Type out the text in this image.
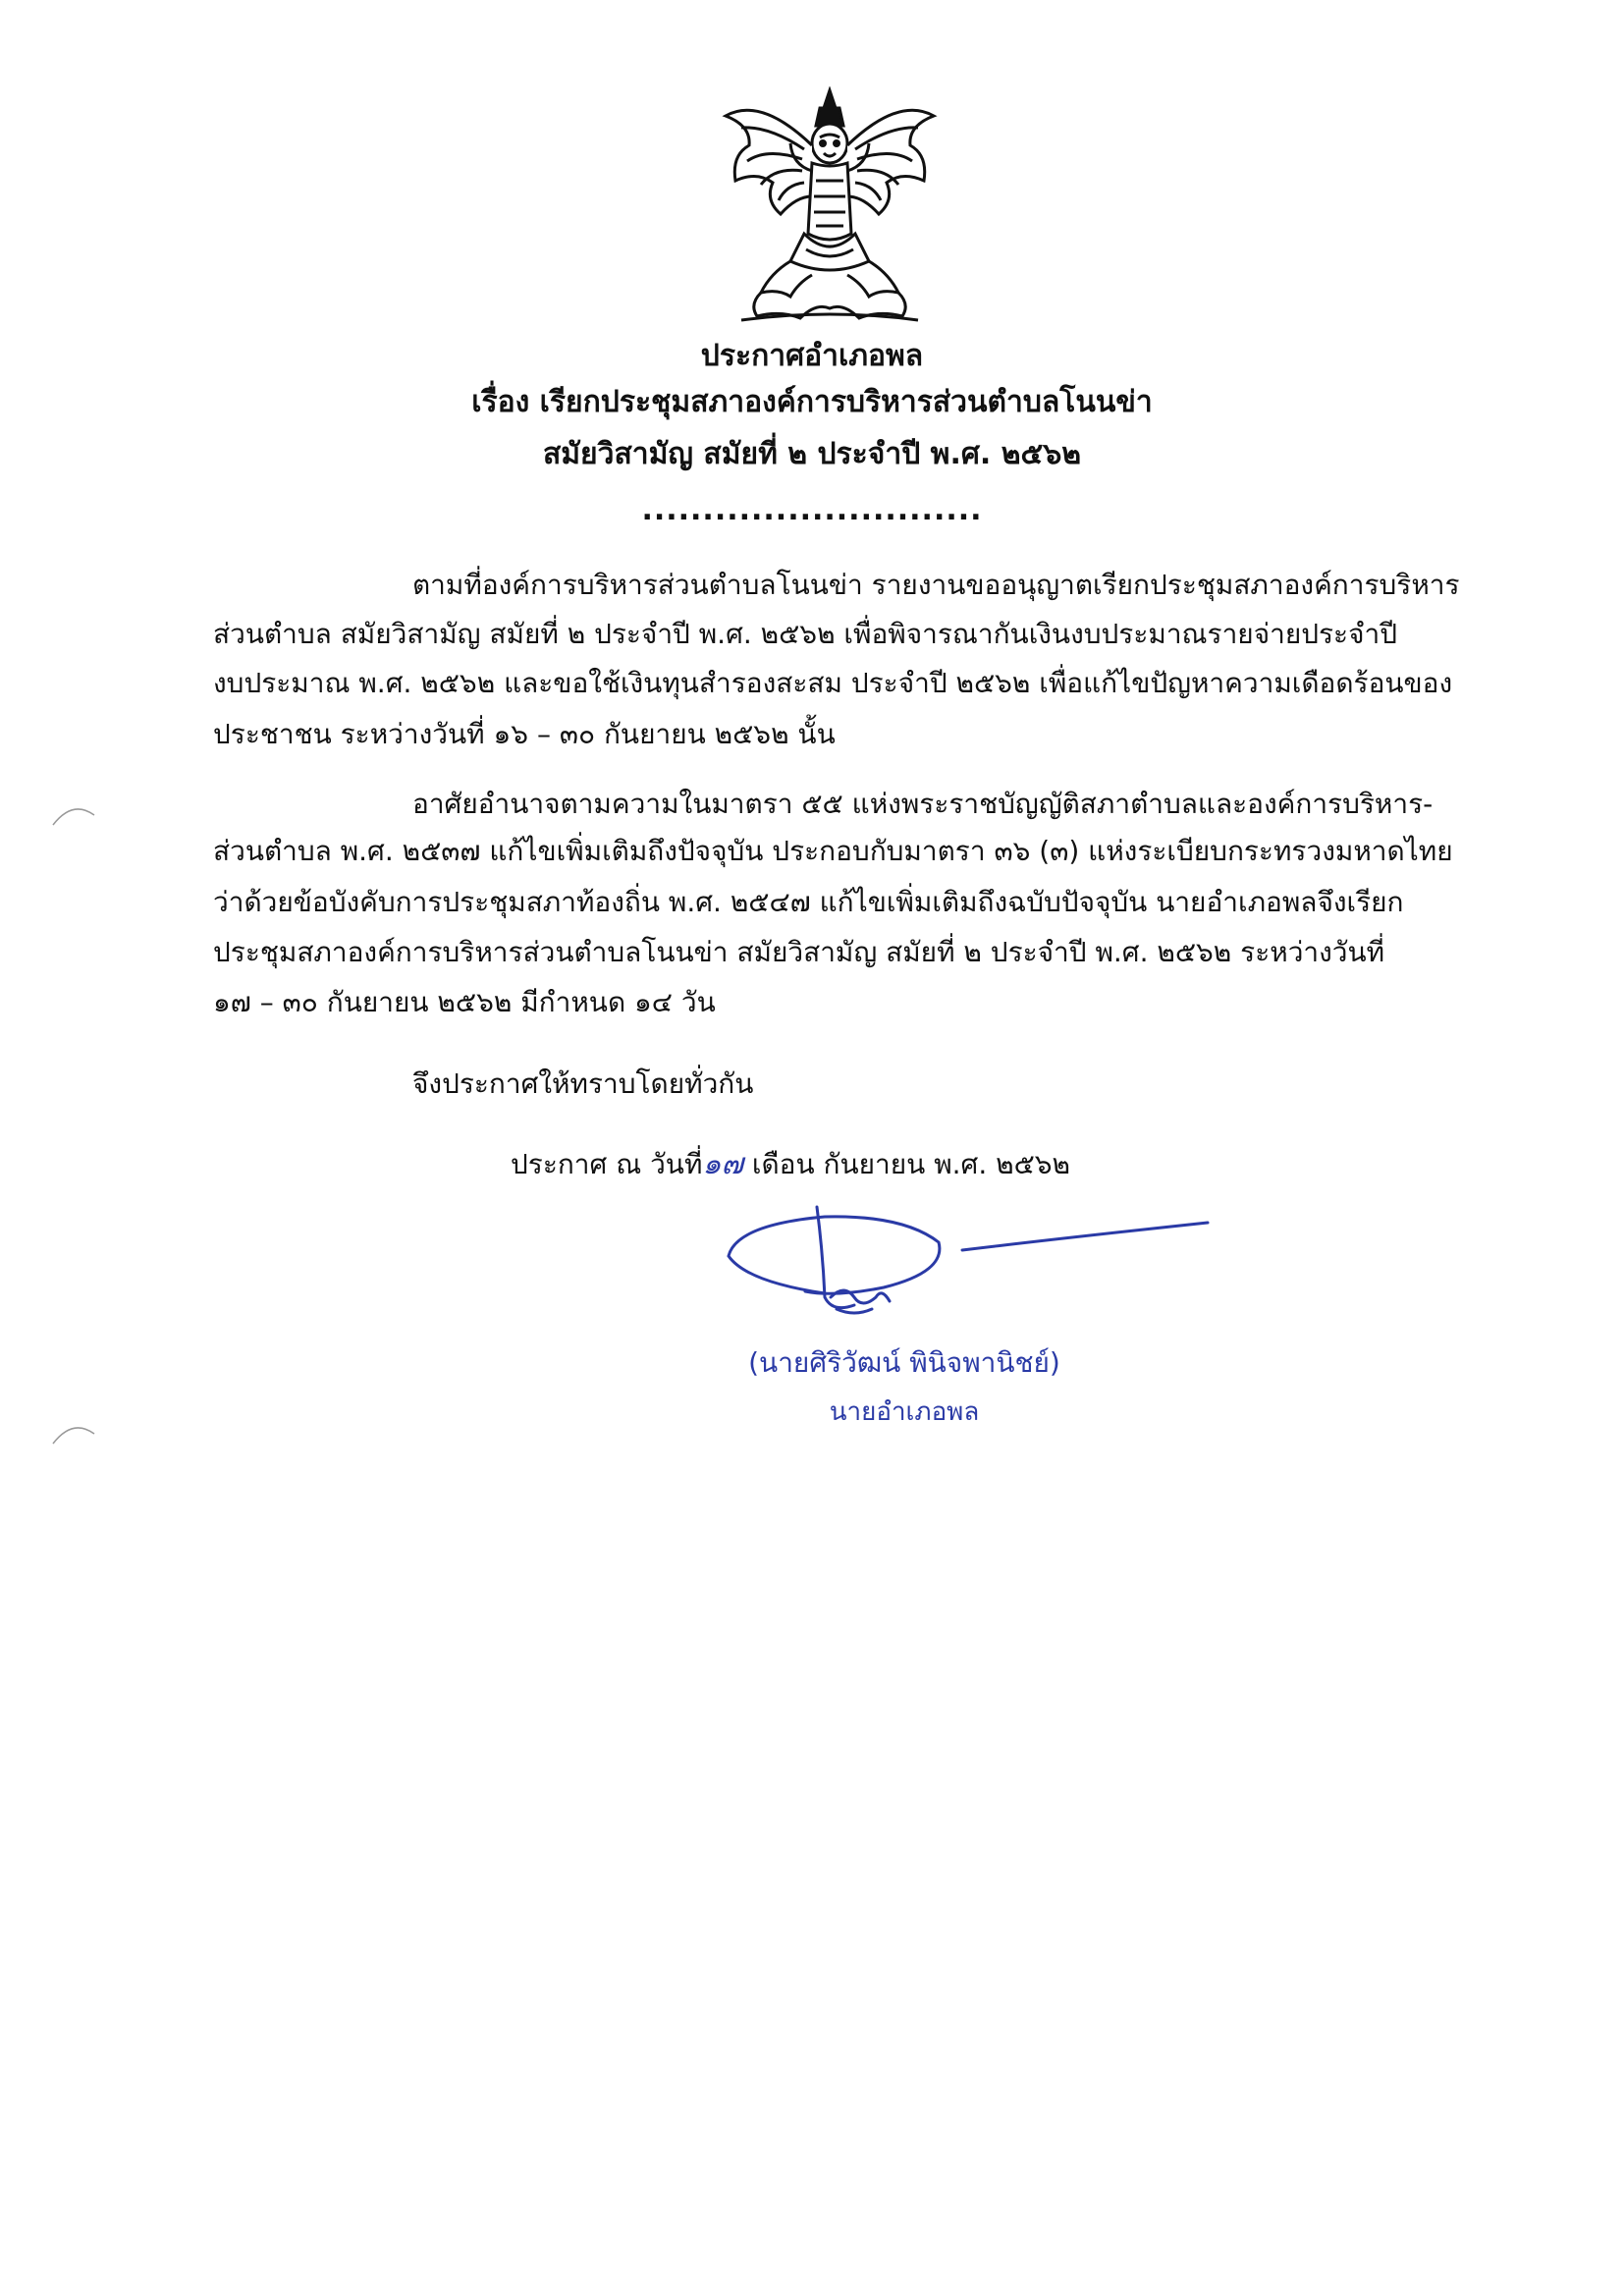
ประกาศอำเภอพล
เรื่อง เรียกประชุมสภาองค์การบริหารส่วนตำบลโนนข่า
สมัยวิสามัญ สมัยที่ ๒ ประจำปี พ.ศ. ๒๕๖๒
............................
ตามที่องค์การบริหารส่วนตำบลโนนข่า รายงานขออนุญาตเรียกประชุมสภาองค์การบริหาร
ส่วนตำบล สมัยวิสามัญ สมัยที่ ๒ ประจำปี พ.ศ. ๒๕๖๒ เพื่อพิจารณากันเงินงบประมาณรายจ่ายประจำปี
งบประมาณ พ.ศ. ๒๕๖๒ และขอใช้เงินทุนสำรองสะสม ประจำปี ๒๕๖๒ เพื่อแก้ไขปัญหาความเดือดร้อนของ
ประชาชน ระหว่างวันที่ ๑๖ – ๓๐ กันยายน ๒๕๖๒ นั้น
อาศัยอำนาจตามความในมาตรา ๕๕ แห่งพระราชบัญญัติสภาตำบลและองค์การบริหาร-
ส่วนตำบล พ.ศ. ๒๕๓๗ แก้ไขเพิ่มเติมถึงปัจจุบัน ประกอบกับมาตรา ๓๖ (๓) แห่งระเบียบกระทรวงมหาดไทย
ว่าด้วยข้อบังคับการประชุมสภาท้องถิ่น พ.ศ. ๒๕๔๗ แก้ไขเพิ่มเติมถึงฉบับปัจจุบัน นายอำเภอพลจึงเรียก
ประชุมสภาองค์การบริหารส่วนตำบลโนนข่า สมัยวิสามัญ สมัยที่ ๒ ประจำปี พ.ศ. ๒๕๖๒ ระหว่างวันที่
๑๗ – ๓๐ กันยายน ๒๕๖๒ มีกำหนด ๑๔ วัน
จึงประกาศให้ทราบโดยทั่วกัน
ประกาศ ณ วันที่๑๗ เดือน กันยายน พ.ศ. ๒๕๖๒
(นายศิริวัฒน์ พินิจพานิชย์)
นายอำเภอพล
